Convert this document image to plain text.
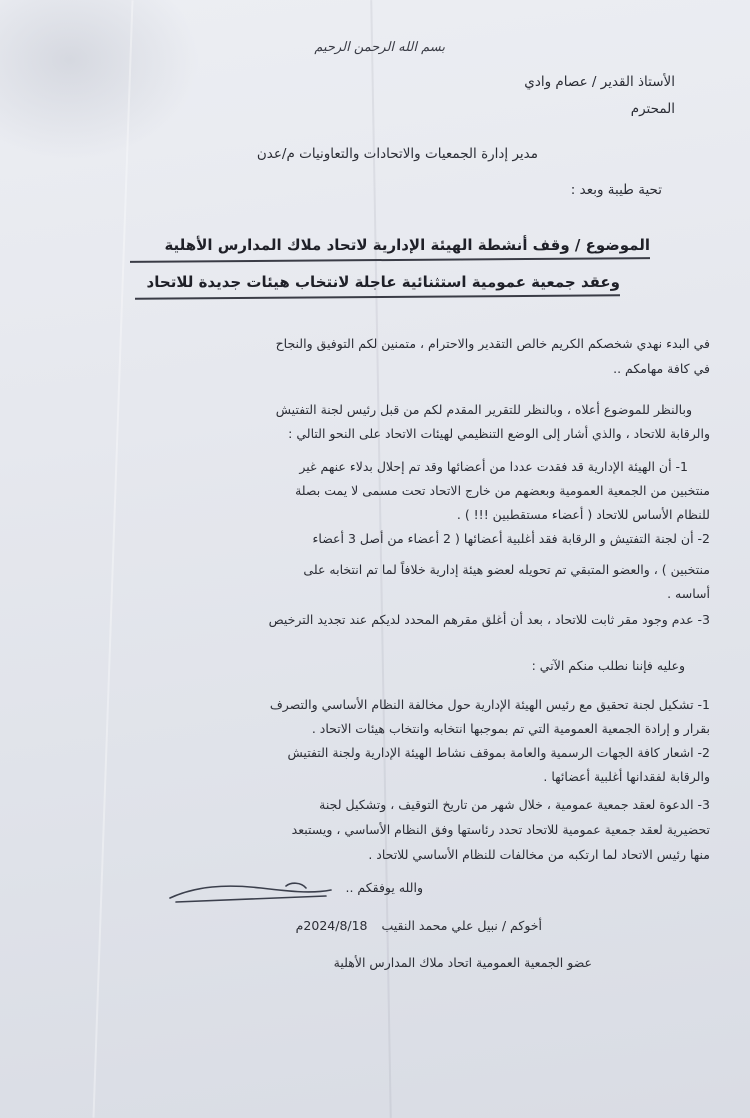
بسم الله الرحمن الرحيم
الأستاذ القدير / عصام وادي
المحترم
مدير إدارة الجمعيات والاتحادات والتعاونيات م/عدن
تحية طيبة وبعد :
الموضوع / وقف أنشطة الهيئة الإدارية لاتحاد ملاك المدارس الأهلية
وعقد جمعية عمومية استثنائية عاجلة لانتخاب هيئات جديدة للاتحاد
في البدء نهدي شخصكم الكريم خالص التقدير والاحترام ، متمنين لكم التوفيق والنجاح
في كافة مهامكم ..
وبالنظر للموضوع أعلاه ، وبالنظر للتقرير المقدم لكم من قبل رئيس لجنة التفتيش
والرقابة للاتحاد ، والذي أشار إلى الوضع التنظيمي لهيئات الاتحاد على النحو التالي :
1- أن الهيئة الإدارية قد فقدت عددا من أعضائها وقد تم إحلال بدلاء عنهم غير
منتخبين من الجمعية العمومية وبعضهم من خارج الاتحاد تحت مسمى لا يمت بصلة
للنظام الأساس للاتحاد ( أعضاء مستقطبين !!! ) .
2- أن لجنة التفتيش و الرقابة فقد أغلبية أعضائها ( 2 أعضاء من أصل 3 أعضاء
منتخبين ) ، والعضو المتبقي تم تحويله لعضو هيئة إدارية خلافاً لما تم انتخابه على
أساسه .
3- عدم وجود مقر ثابت للاتحاد ، بعد أن أغلق مقرهم المحدد لديكم عند تجديد الترخيص
وعليه فإننا نطلب منكم الآتي :
1- تشكيل لجنة تحقيق مع رئيس الهيئة الإدارية حول مخالفة النظام الأساسي والتصرف
بقرار و إرادة الجمعية العمومية التي تم بموجبها انتخابه وانتخاب هيئات الاتحاد .
2- اشعار كافة الجهات الرسمية والعامة بموقف نشاط الهيئة الإدارية ولجنة التفتيش
والرقابة لفقدانها أغلبية أعضائها .
3- الدعوة لعقد جمعية عمومية ، خلال شهر من تاريخ التوقيف ، وتشكيل لجنة
تحضيرية لعقد جمعية عمومية للاتحاد تحدد رئاستها وفق النظام الأساسي ، ويستبعد
منها رئيس الاتحاد لما ارتكبه من مخالفات للنظام الأساسي للاتحاد .
والله يوفقكم ..
أخوكم / نبيل علي محمد النقيب 2024/8/18م
عضو الجمعية العمومية اتحاد ملاك المدارس الأهلية
